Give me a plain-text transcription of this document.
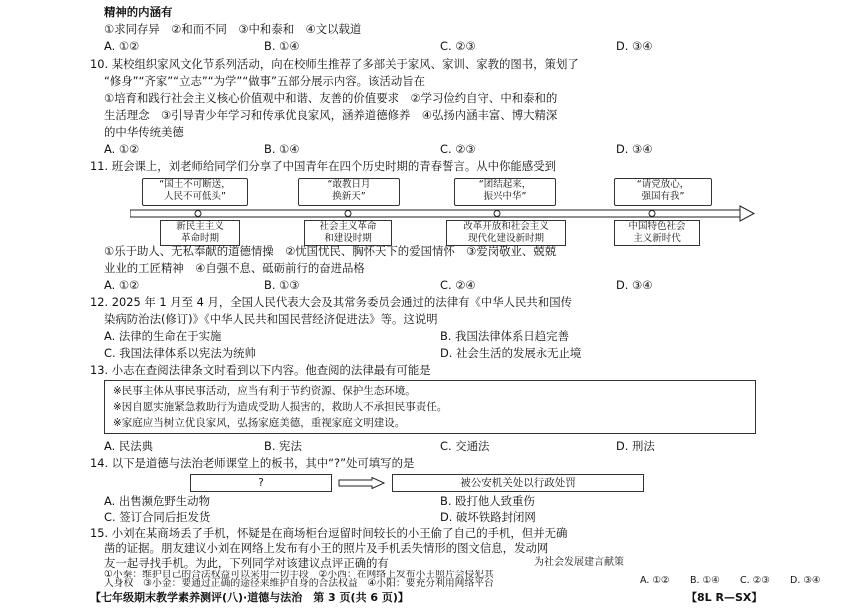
精神的内涵有
①求同存异　②和而不同　③中和泰和　④文以载道
A. ①②	B. ①④	C. ②③	D. ③④
10. 某校组织家风文化节系列活动，向在校师生推荐了多部关于家风、家训、家教的图书，策划了
“修身”“齐家”“立志”“为学”“做事”五部分展示内容。该活动旨在
①培育和践行社会主义核心价值观中和谐、友善的价值要求　②学习俭约自守、中和泰和的
生活理念　③引导青少年学习和传承优良家风，涵养道德修养　④弘扬内涵丰富、博大精深
的中华传统美德
A. ①②	B. ①④	C. ②③	D. ③④
11. 班会课上，刘老师给同学们分享了中国青年在四个历史时期的青春誓言。从中你能感受到
“国土不可断送，
人民不可低头”
“敢教日月
换新天”
“团结起来，
振兴中华”
“请党放心，
强国有我”
新民主主义
革命时期
社会主义革命
和建设时期
改革开放和社会主义
现代化建设新时期
中国特色社会
主义新时代
①乐于助人、无私奉献的道德情操　②忧国忧民、胸怀天下的爱国情怀　③爱岗敬业、兢兢
业业的工匠精神　④自强不息、砥砺前行的奋进品格
A. ①②	B. ①③	C. ②④	D. ③④
12. 2025 年 1 月至 4 月，全国人民代表大会及其常务委员会通过的法律有《中华人民共和国传
染病防治法(修订)》《中华人民共和国民营经济促进法》等。这说明
A. 法律的生命在于实施	B. 我国法律体系日趋完善
C. 我国法律体系以宪法为统帅	D. 社会生活的发展永无止境
13. 小志在查阅法律条文时看到以下内容。他查阅的法律最有可能是
※民事主体从事民事活动，应当有利于节约资源、保护生态环境。
※因自愿实施紧急救助行为造成受助人损害的，救助人不承担民事责任。
※家庭应当树立优良家风，弘扬家庭美德，重视家庭文明建设。
A. 民法典	B. 宪法	C. 交通法	D. 刑法
14. 以下是道德与法治老师课堂上的板书，其中“?”处可填写的是
?	被公安机关处以行政处罚
A. 出售濒危野生动物	B. 殴打他人致重伤
C. 签订合同后拒发货	D. 破坏铁路封闭网
15. 小刘在某商场丢了手机，怀疑是在商场柜台逗留时间较长的小王偷了自己的手机，但并无确
凿的证据。朋友建议小刘在网络上发布有小王的照片及手机丢失情形的图文信息，发动网
友一起寻找手机。为此，下列同学对该建议点评正确的有
【七年级期末教学素养测评(八)·道德与法治　第 3 页(共 6 页)】	【8L R—SX】
①小秦：维护自己的合法权益可以采用一切手段　②小西：在网络上发布小王照片会侵犯其
人身权　③小金：要通过正确的途径来维护自身的合法权益　④小阳：要充分利用网络平台
为社会发展建言献策
A. ①② B. ①④ C. ②③ D. ③④
